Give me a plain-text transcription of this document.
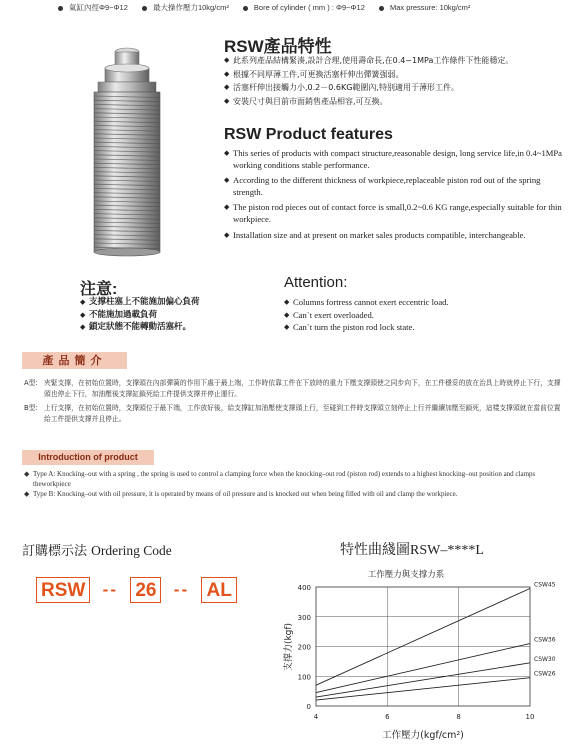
氣缸內徑Φ9~Φ12	最大操作壓力10kg/cm²	Bore of cylinder ( mm ) : Φ9~Φ12	Max pressure: 10kg/cm²
RSW產品特性
◆ 此系列產品結構緊湊,設計合理,使用壽命長,在0.4~1MPa工作條件下性能穩定。
◆ 根據不同厚薄工件,可更換活塞杆伸出彈簧强弱。
◆ 活塞杆伸出接觸力小,0.2－0.6KG範圍內,特别適用于薄形工件。
◆ 安裝尺寸與目前市面銷售產品相容,可互換。
RSW Product features
◆ This series of products with compact structure,reasonable design, long service life,in 0.4~1MPa working conditions stable performance.
◆ According to the different thickness of workpiece,replaceable piston rod out of the spring strength.
◆ The piston rod pieces out of contact force is small,0.2~0.6 KG range,especially suitable for thin workpiece.
◆ Installation size and at present on market sales products compatible, interchangeable.
注意:	Attention:
◆ 支撑柱塞上不能施加偏心負荷
◆ 不能施加過載負荷
◆ 鎖定狀態不能轉動活塞杆。
◆ Columns fortress cannot exert eccentric load.
◆ Can`t exert overloaded.
◆ Can`t turn the piston rod lock state.
產品簡介
A型: 夾緊支撑，在初始位置時，支撑頭在內部彈簧的作用下處于最上端，工作時依靠工件在下放時的重力下壓支撑頭使之同步向下，在工件穩妥的放在治具上時就停止下行，支撑頭也停止下行，加油壓後支撑缸鎖死給工件提供支撑并停止運行。
B型: 上行支撑，在初始位置時，支撑頭位于最下端，工作放好後，給支撑缸加油壓使支撑頭上行，至碰到工件時支撑頭立刻停止上行并繼續加壓至鎖死，這樣支撑頭就在當前位置給工件提供支撑并且停止。
Introduction of product
◆ Type A: Knocking–out with a spring , the spring is used to control a clamping force when the knocking–out rod (piston rod) extends to a highest knocking–out position and clamps theworkpiece
◆ Type B: Knocking–out with oil pressure, it is operated by means of oil pressure and is knocked out when being filled with oil and clamp the workpiece.
訂購標示法 Ordering Code
RSW	-- 26	-- AL
特性曲綫圖RSW–****L
工作壓力與支撑力系
0
100
200
300
400
4	6	8	10
CSW45
CSW36
CSW30
CSW26
支撑力(kgf)
工作壓力(kgf/cm²)
